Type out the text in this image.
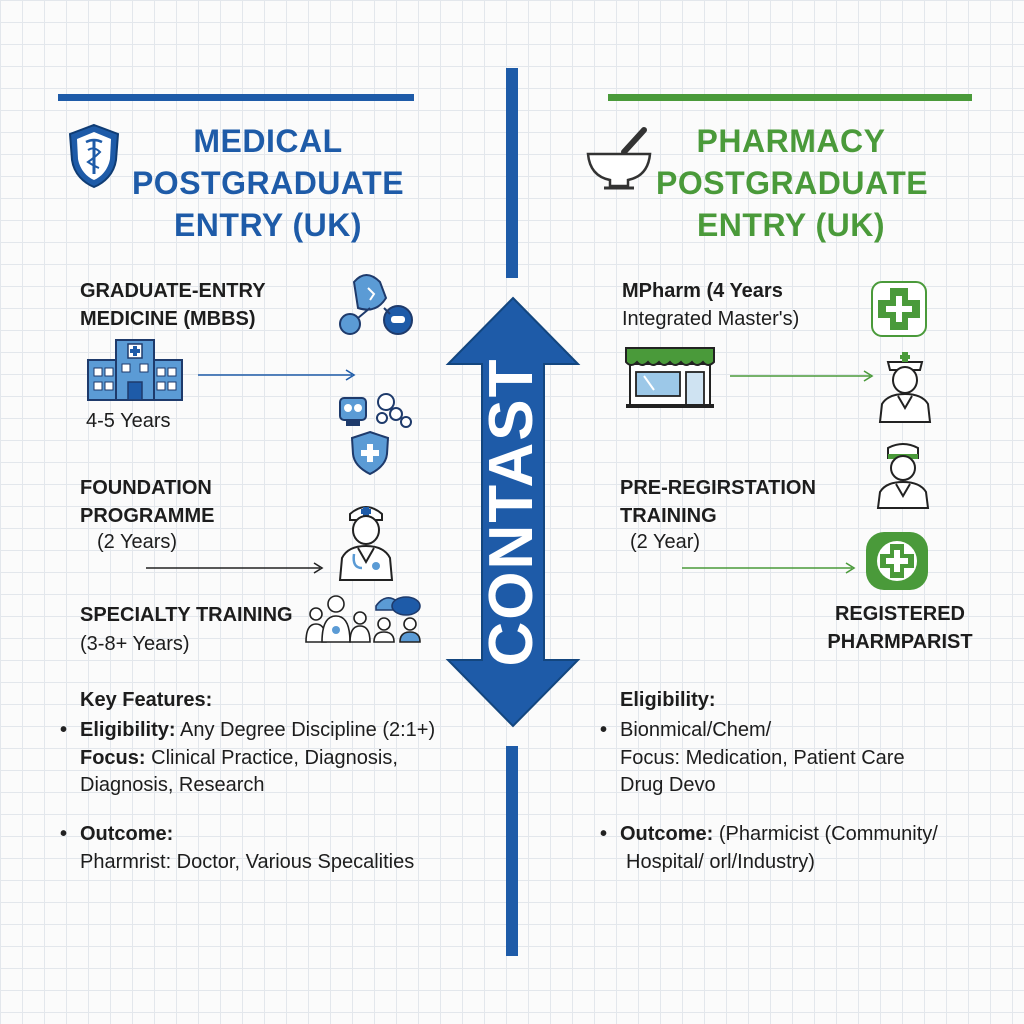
MEDICAL
POSTGRADUATE
ENTRY (UK)
GRADUATE-ENTRY
MEDICINE (MBBS)
4-5 Years
FOUNDATION
PROGRAMME
(2 Years)
SPECIALTY TRAINING
(3-8+ Years)
Key Features:
• Eligibility: Any Degree Discipline (2:1+)
Focus: Clinical Practice, Diagnosis,
Diagnosis, Research
• Outcome:
Pharmrist: Doctor, Various Specalities
CONTAST
PHARMACY
POSTGRADUATE
ENTRY (UK)
MPharm (4 Years
Integrated Master's)
PRE-REGIRSTATION
TRAINING
(2 Year)
REGISTERED
PHARMPARIST
Eligibility:
• Bionmical/Chem/
Focus: Medication, Patient Care
Drug Devo
• Outcome: (Pharmicist (Community/
Hospital/ orl/Industry)
